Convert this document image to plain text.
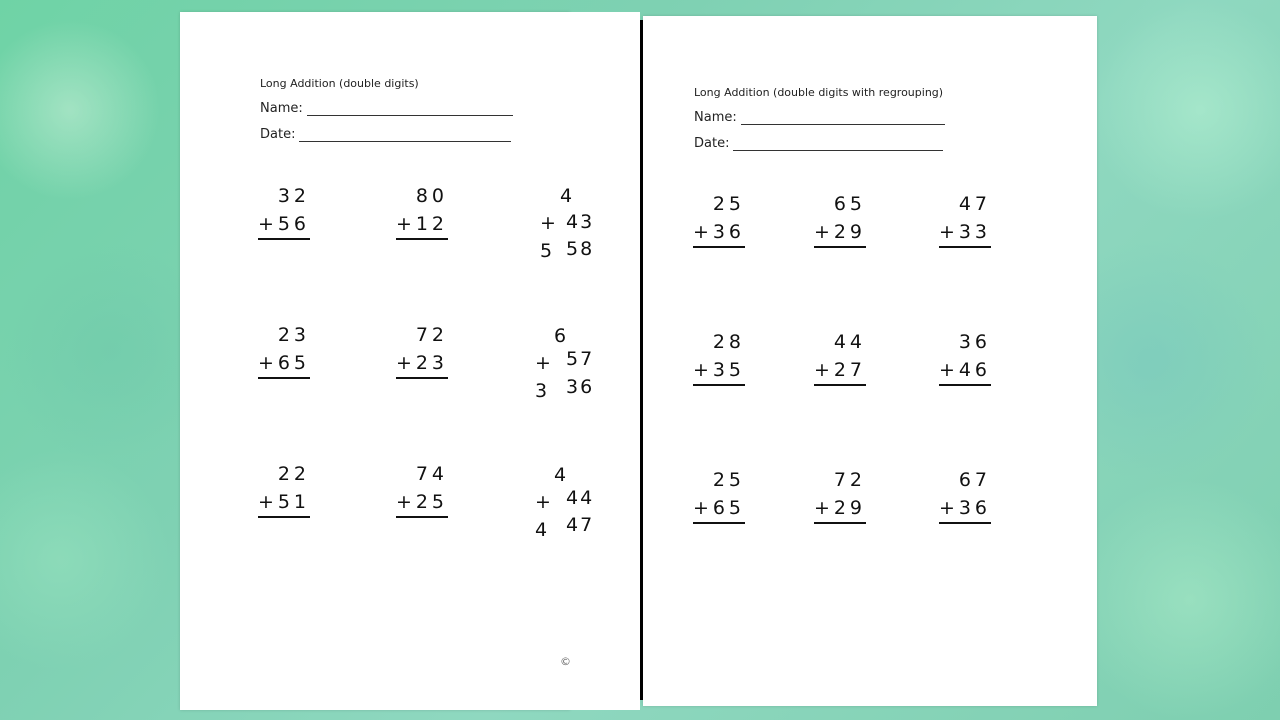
Long Addition (double digits)
Name:
Date:
32
+ 56
80
+ 12
23
+ 65
72
+ 23
22
+ 51
74
+ 25
4
+ 5
43
58
6
+ 3
57
36
4
+ 4
44
47
©
Long Addition (double digits with regrouping)
Name:
Date:
25
+ 36
65
+ 29
47
+ 33
28
+ 35
44
+ 27
36
+ 46
25
+ 65
72
+ 29
67
+ 36
